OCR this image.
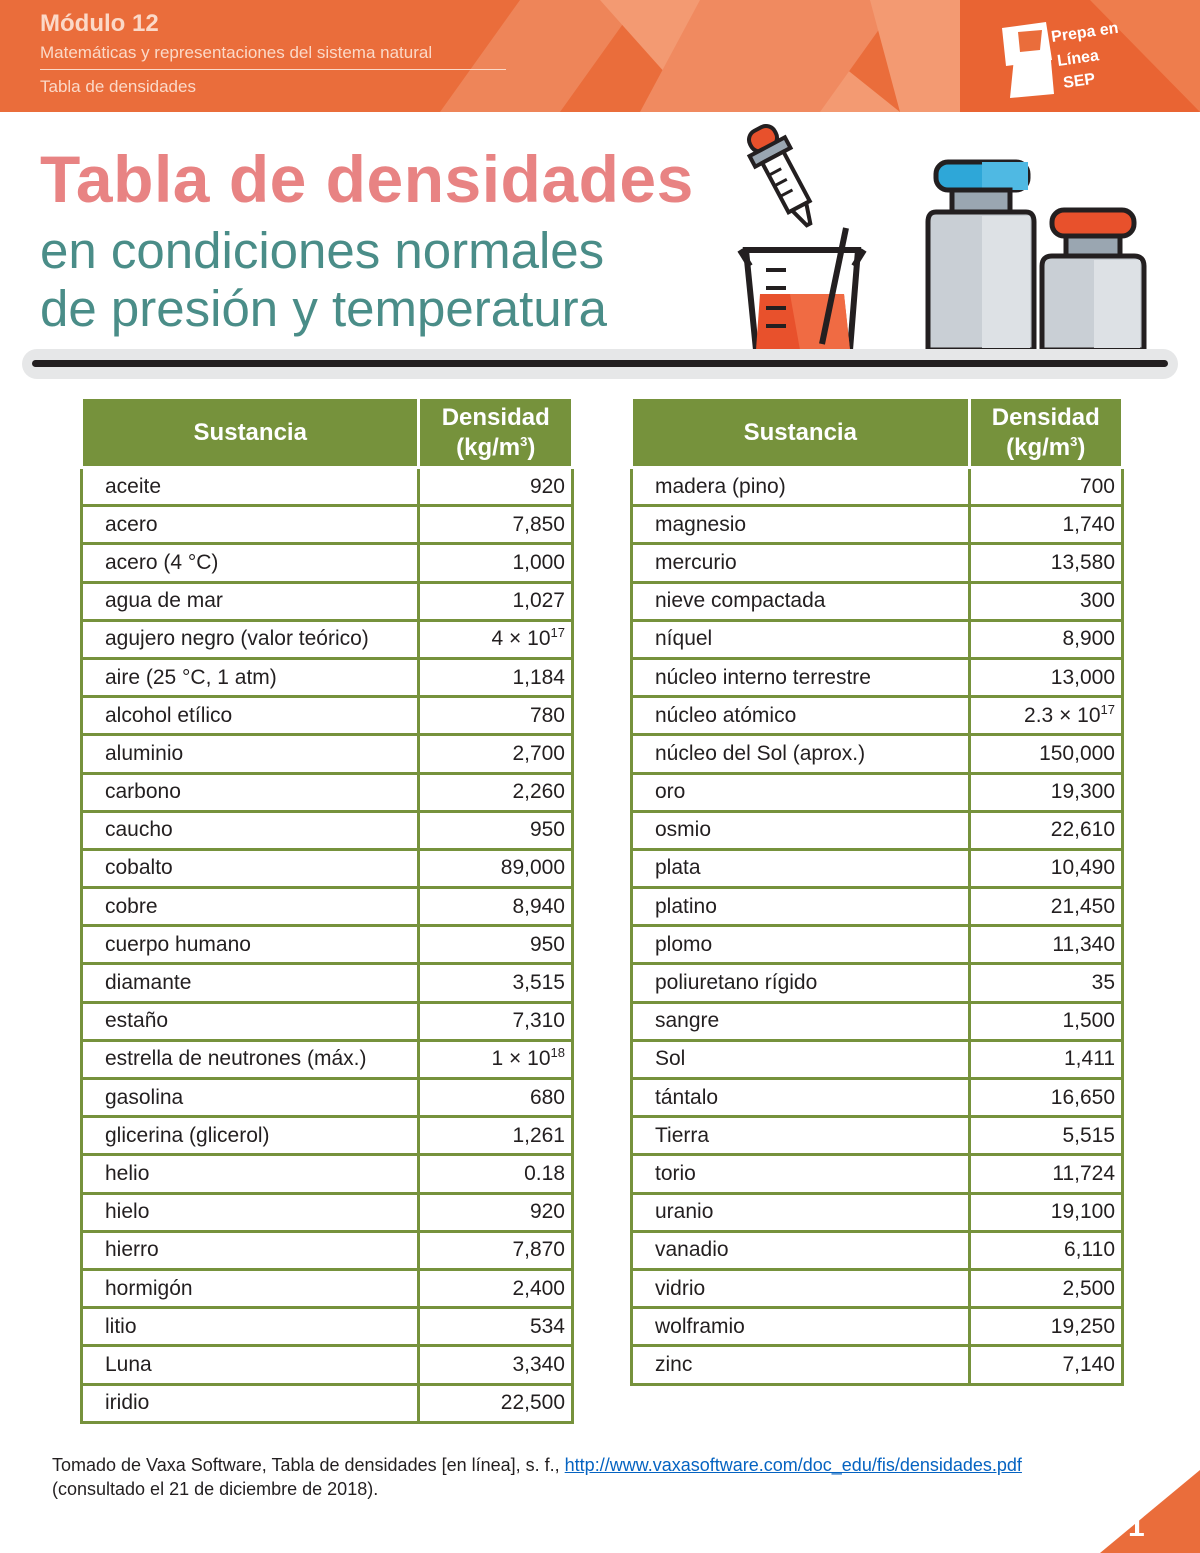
Módulo 12
Matemáticas y representaciones del sistema natural
Tabla de densidades
Prepa en
Línea
SEP
Tabla de densidades
en condiciones normales
de presión y temperatura
Sustancia	Densidad
$(kg/m^3)$
aceite	920
acero	7,850
acero (4 °C)	1,000
agua de mar	1,027
agujero negro (valor teórico)	$4 \times 10^{17}$
aire (25 °C, 1 atm)	1,184
alcohol etílico	780
aluminio	2,700
carbono	2,260
caucho	950
cobalto	89,000
cobre	8,940
cuerpo humano	950
diamante	3,515
estaño	7,310
estrella de neutrones (máx.)	$1 \times 10^{18}$
gasolina	680
glicerina (glicerol)	1,261
helio	0.18
hielo	920
hierro	7,870
hormigón	2,400
litio	534
Luna	3,340
iridio	22,500
Sustancia	Densidad
$(kg/m^3)$
madera (pino)	700
magnesio	1,740
mercurio	13,580
nieve compactada	300
níquel	8,900
núcleo interno terrestre	13,000
núcleo atómico	$2.3 \times 10^{17}$
núcleo del Sol (aprox.)	150,000
oro	19,300
osmio	22,610
plata	10,490
platino	21,450
plomo	11,340
poliuretano rígido	35
sangre	1,500
Sol	1,411
tántalo	16,650
Tierra	5,515
torio	11,724
uranio	19,100
vanadio	6,110
vidrio	2,500
wolframio	19,250
zinc	7,140
Tomado de Vaxa Software, Tabla de densidades [en línea], s. f., http://www.vaxasoftware.com/doc_edu/fis/densidades.pdf
(consultado el 21 de diciembre de 2018).
1
